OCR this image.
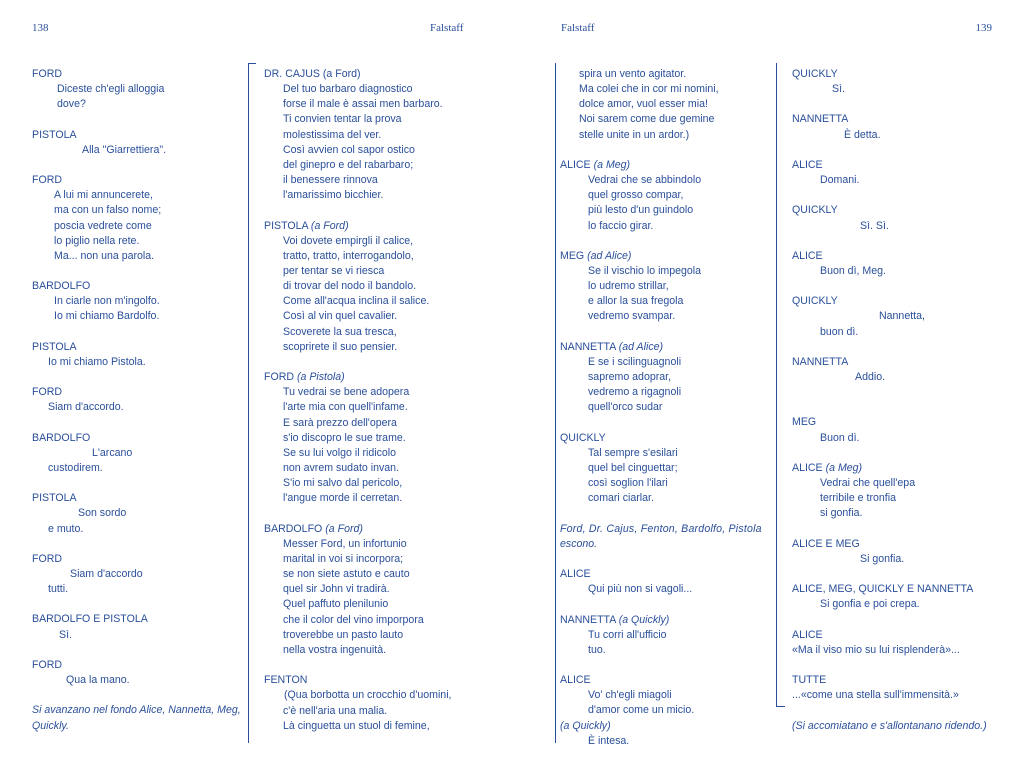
138	Falstaff	Falstaff	139
FORD
Diceste ch'egli alloggia
dove?
PISTOLA
Alla "Giarrettiera".
FORD
A lui mi annuncerete,
ma con un falso nome;
poscia vedrete come
lo piglio nella rete.
Ma... non una parola.
BARDOLFO
In ciarle non m'ingolfo.
Io mi chiamo Bardolfo.
PISTOLA
Io mi chiamo Pistola.
FORD
Siam d'accordo.
BARDOLFO
L'arcano
custodirem.
PISTOLA
Son sordo
e muto.
FORD
Siam d'accordo
tutti.
BARDOLFO E PISTOLA
Sì.
FORD
Qua la mano.
Si avanzano nel fondo Alice, Nannetta, Meg,
Quickly.
DR. CAJUS (a Ford)
Del tuo barbaro diagnostico
forse il male è assai men barbaro.
Ti convien tentar la prova
molestissima del ver.
Così avvien col sapor ostico
del ginepro e del rabarbaro;
il benessere rinnova
l'amarissimo bicchier.
PISTOLA (a Ford)
Voi dovete empirgli il calice,
tratto, tratto, interrogandolo,
per tentar se vi riesca
di trovar del nodo il bandolo.
Come all'acqua inclina il salice.
Così al vin quel cavalier.
Scoverete la sua tresca,
scoprirete il suo pensier.
FORD (a Pistola)
Tu vedrai se bene adopera
l'arte mia con quell'infame.
E sarà prezzo dell'opera
s'io discopro le sue trame.
Se su lui volgo il ridicolo
non avrem sudato invan.
S'io mi salvo dal pericolo,
l'angue morde il cerretan.
BARDOLFO (a Ford)
Messer Ford, un infortunio
marital in voi si incorpora;
se non siete astuto e cauto
quel sir John vi tradirà.
Quel paffuto plenilunio
che il color del vino imporpora
troverebbe un pasto lauto
nella vostra ingenuità.
FENTON
(Qua borbotta un crocchio d'uomini,
c'è nell'aria una malia.
Là cinguetta un stuol di femine,
spira un vento agitator.
Ma colei che in cor mi nomini,
dolce amor, vuol esser mia!
Noi sarem come due gemine
stelle unite in un ardor.)
ALICE (a Meg)
Vedrai che se abbindolo
quel grosso compar,
più lesto d'un guindolo
lo faccio girar.
MEG (ad Alice)
Se il vischio lo impegola
lo udremo strillar,
e allor la sua fregola
vedremo svampar.
NANNETTA (ad Alice)
E se i scilinguagnoli
sapremo adoprar,
vedremo a rigagnoli
quell'orco sudar
QUICKLY
Tal sempre s'esilari
quel bel cinguettar;
così soglion l'ilari
comari ciarlar.
Ford, Dr. Cajus, Fenton, Bardolfo, Pistola
escono.
ALICE
Qui più non si vagoli...
NANNETTA (a Quickly)
Tu corri all'ufficio
tuo.
ALICE
Vo' ch'egli miagoli
d'amor come un micio.
(a Quickly)
È intesa.
QUICKLY
Sì.
NANNETTA
È detta.
ALICE
Domani.
QUICKLY
Sì. Sì.
ALICE
Buon dì, Meg.
QUICKLY
Nannetta,
buon dì.
NANNETTA
Addio.
MEG
Buon dì.
ALICE (a Meg)
Vedrai che quell'epa
terribile e tronfia
si gonfia.
ALICE E MEG
Si gonfia.
ALICE, MEG, QUICKLY E NANNETTA
Si gonfia e poi crepa.
ALICE
«Ma il viso mio su lui risplenderà»...
TUTTE
...«come una stella sull'immensità.»
(Si accomiatano e s'allontanano ridendo.)
